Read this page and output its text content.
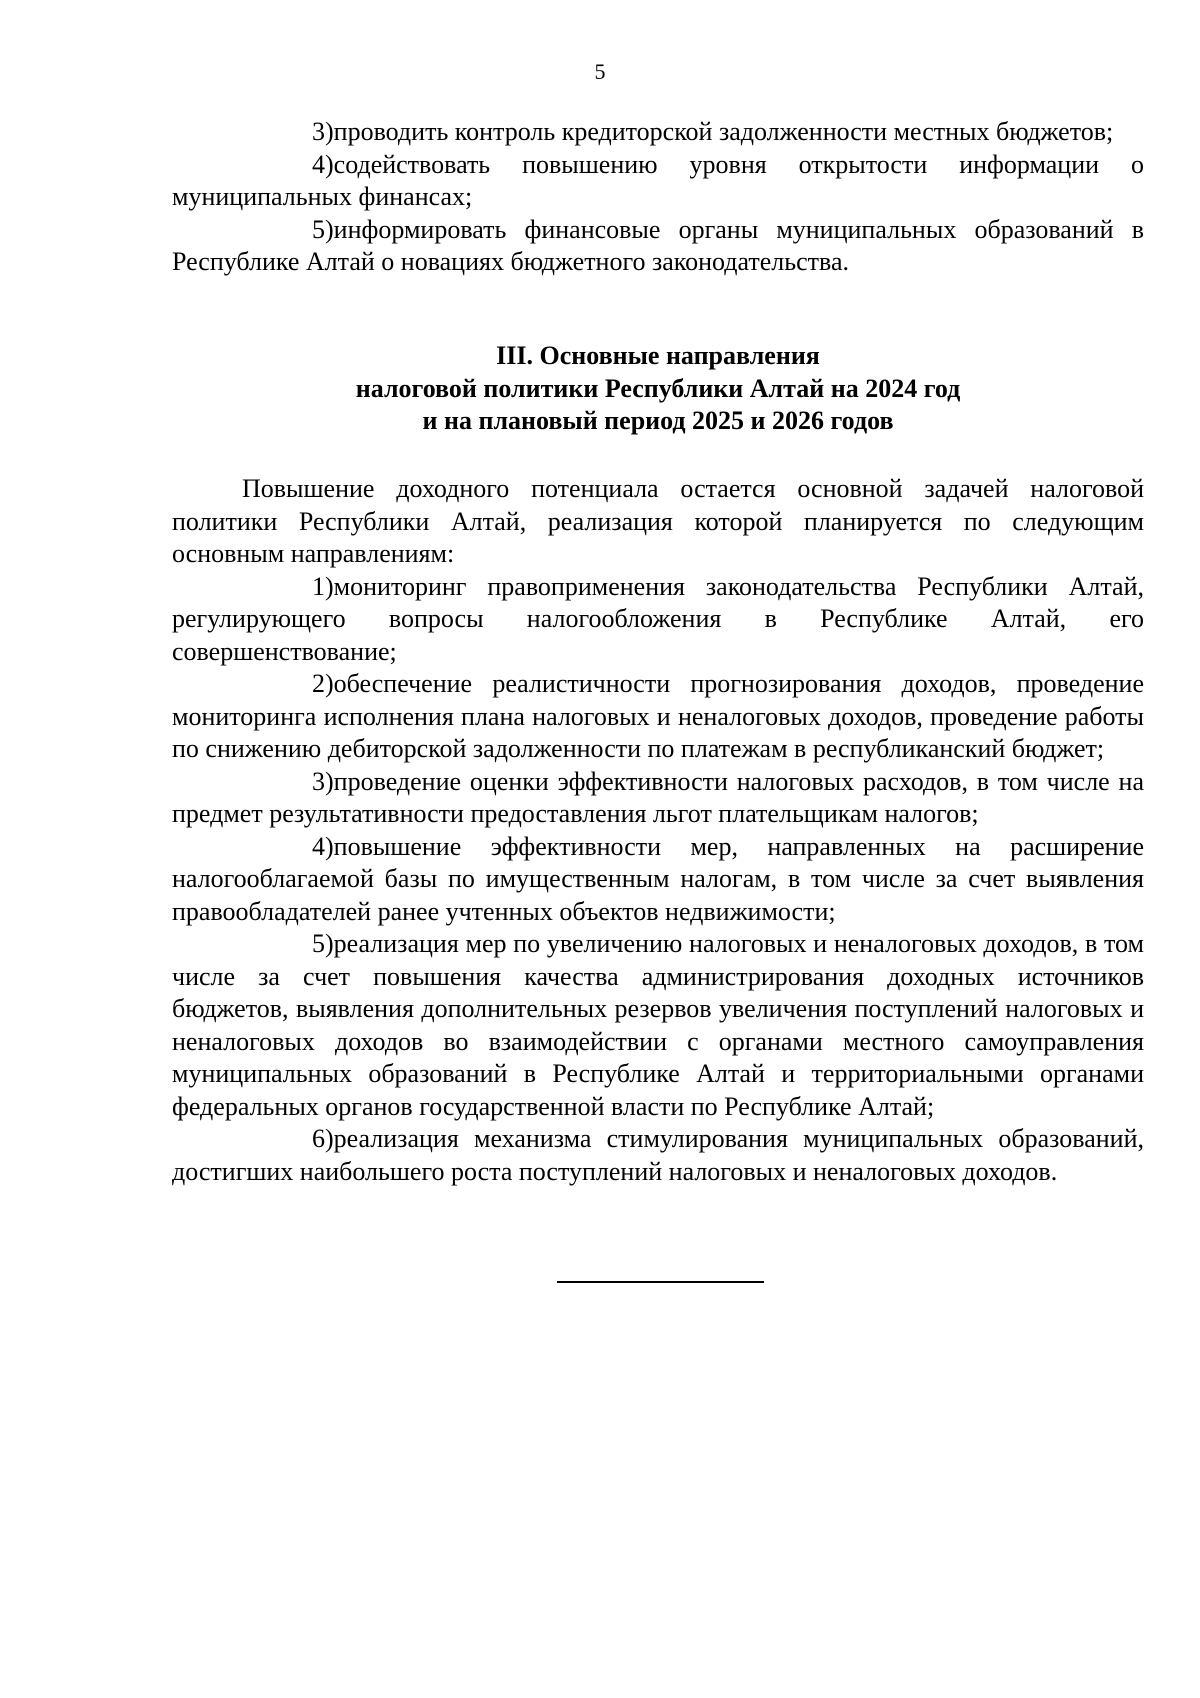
5

3)проводить контроль кредиторской задолженности местных бюджетов;

4)содействовать повышению уровня открытости информации о муниципальных финансах;

5)информировать финансовые органы муниципальных образований в Республике Алтай о новациях бюджетного законодательства.

III. Основные направления
налоговой политики Республики Алтай на 2024 год
и на плановый период 2025 и 2026 годов

Повышение доходного потенциала остается основной задачей налоговой политики Республики Алтай, реализация которой планируется по следующим основным направлениям:

1)мониторинг правоприменения законодательства Республики Алтай, регулирующего вопросы налогообложения в Республике Алтай, его совершенствование;

2)обеспечение реалистичности прогнозирования доходов, проведение мониторинга исполнения плана налоговых и неналоговых доходов, проведение работы по снижению дебиторской задолженности по платежам в республиканский бюджет;

3)проведение оценки эффективности налоговых расходов, в том числе на предмет результативности предоставления льгот плательщикам налогов;

4)повышение эффективности мер, направленных на расширение налогооблагаемой базы по имущественным налогам, в том числе за счет выявления правообладателей ранее учтенных объектов недвижимости;

5)реализация мер по увеличению налоговых и неналоговых доходов, в том числе за счет повышения качества администрирования доходных источников бюджетов, выявления дополнительных резервов увеличения поступлений налоговых и неналоговых доходов во взаимодействии с органами местного самоуправления муниципальных образований в Республике Алтай и территориальными органами федеральных органов государственной власти по Республике Алтай;

6)реализация механизма стимулирования муниципальных образований, достигших наибольшего роста поступлений налоговых и неналоговых доходов.
